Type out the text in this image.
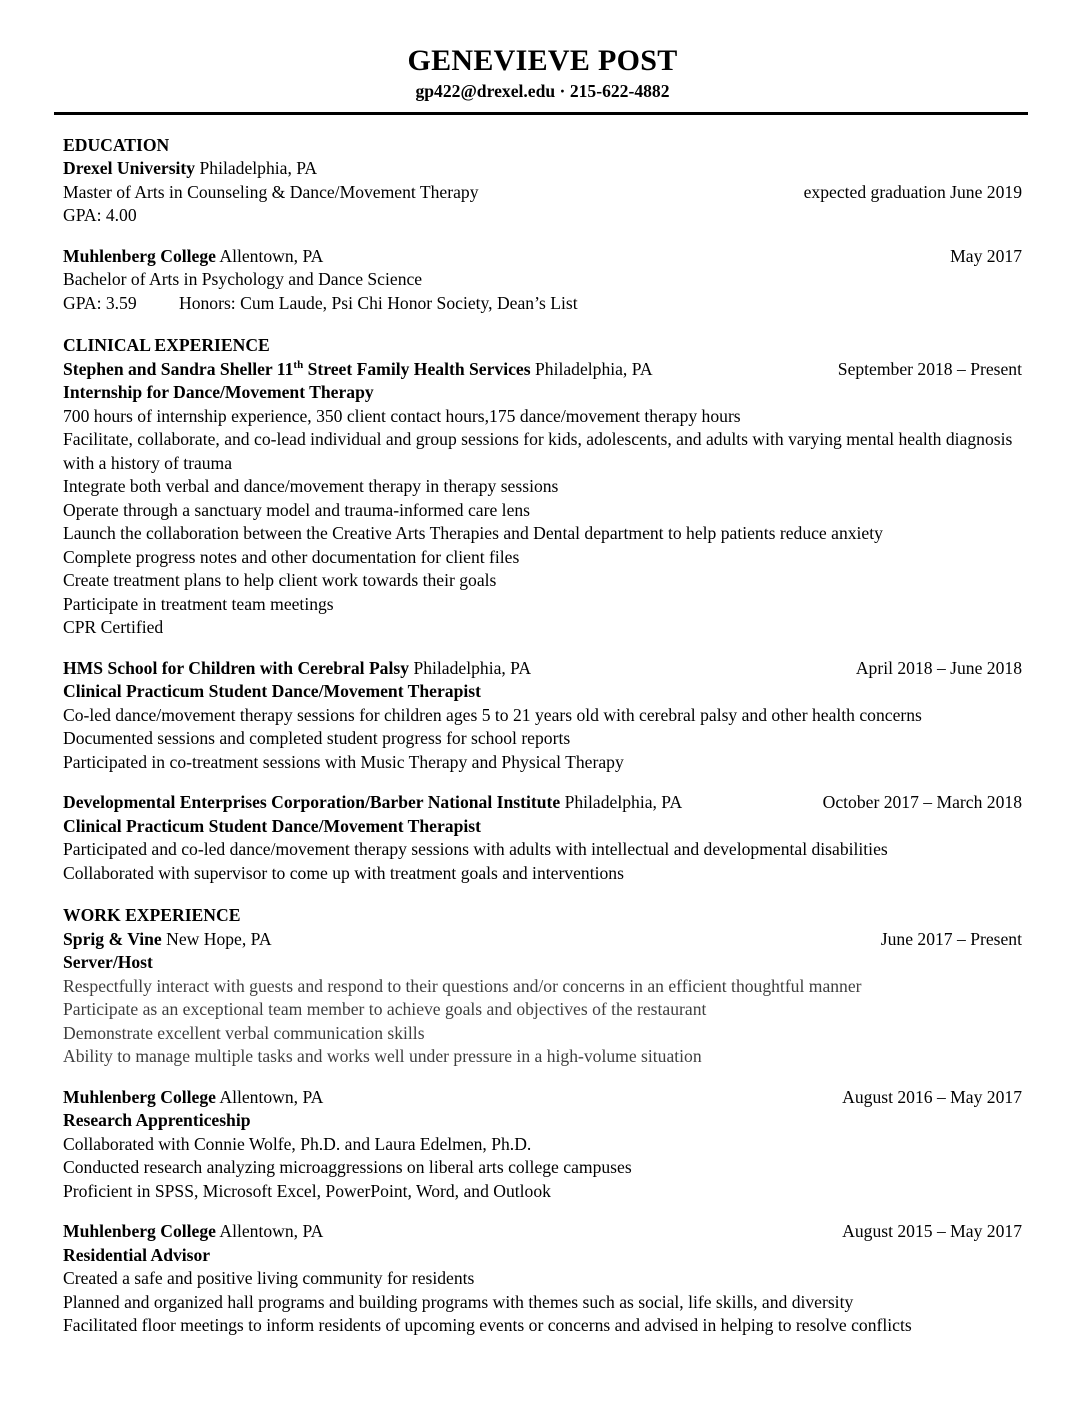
GENEVIEVE POST
gp422@drexel.edu · 215-622-4882
EDUCATION
Drexel University Philadelphia, PA
Master of Arts in Counseling & Dance/Movement Therapy	expected graduation June 2019
GPA: 4.00
Muhlenberg College Allentown, PA	May 2017
Bachelor of Arts in Psychology and Dance Science
GPA: 3.59 Honors: Cum Laude, Psi Chi Honor Society, Dean’s List
CLINICAL EXPERIENCE
Stephen and Sandra Sheller 11th Street Family Health Services Philadelphia, PA	September 2018 – Present
Internship for Dance/Movement Therapy
700 hours of internship experience, 350 client contact hours,175 dance/movement therapy hours
Facilitate, collaborate, and co-lead individual and group sessions for kids, adolescents, and adults with varying mental health diagnosis with a history of trauma
Integrate both verbal and dance/movement therapy in therapy sessions
Operate through a sanctuary model and trauma-informed care lens
Launch the collaboration between the Creative Arts Therapies and Dental department to help patients reduce anxiety
Complete progress notes and other documentation for client files
Create treatment plans to help client work towards their goals
Participate in treatment team meetings
CPR Certified
HMS School for Children with Cerebral Palsy Philadelphia, PA	April 2018 – June 2018
Clinical Practicum Student Dance/Movement Therapist
Co-led dance/movement therapy sessions for children ages 5 to 21 years old with cerebral palsy and other health concerns
Documented sessions and completed student progress for school reports
Participated in co-treatment sessions with Music Therapy and Physical Therapy
Developmental Enterprises Corporation/Barber National Institute Philadelphia, PA	October 2017 – March 2018
Clinical Practicum Student Dance/Movement Therapist
Participated and co-led dance/movement therapy sessions with adults with intellectual and developmental disabilities
Collaborated with supervisor to come up with treatment goals and interventions
WORK EXPERIENCE
Sprig & Vine New Hope, PA	June 2017 – Present
Server/Host
Respectfully interact with guests and respond to their questions and/or concerns in an efficient thoughtful manner
Participate as an exceptional team member to achieve goals and objectives of the restaurant
Demonstrate excellent verbal communication skills
Ability to manage multiple tasks and works well under pressure in a high-volume situation
Muhlenberg College Allentown, PA	August 2016 – May 2017
Research Apprenticeship
Collaborated with Connie Wolfe, Ph.D. and Laura Edelmen, Ph.D.
Conducted research analyzing microaggressions on liberal arts college campuses
Proficient in SPSS, Microsoft Excel, PowerPoint, Word, and Outlook
Muhlenberg College Allentown, PA	August 2015 – May 2017
Residential Advisor
Created a safe and positive living community for residents
Planned and organized hall programs and building programs with themes such as social, life skills, and diversity
Facilitated floor meetings to inform residents of upcoming events or concerns and advised in helping to resolve conflicts
